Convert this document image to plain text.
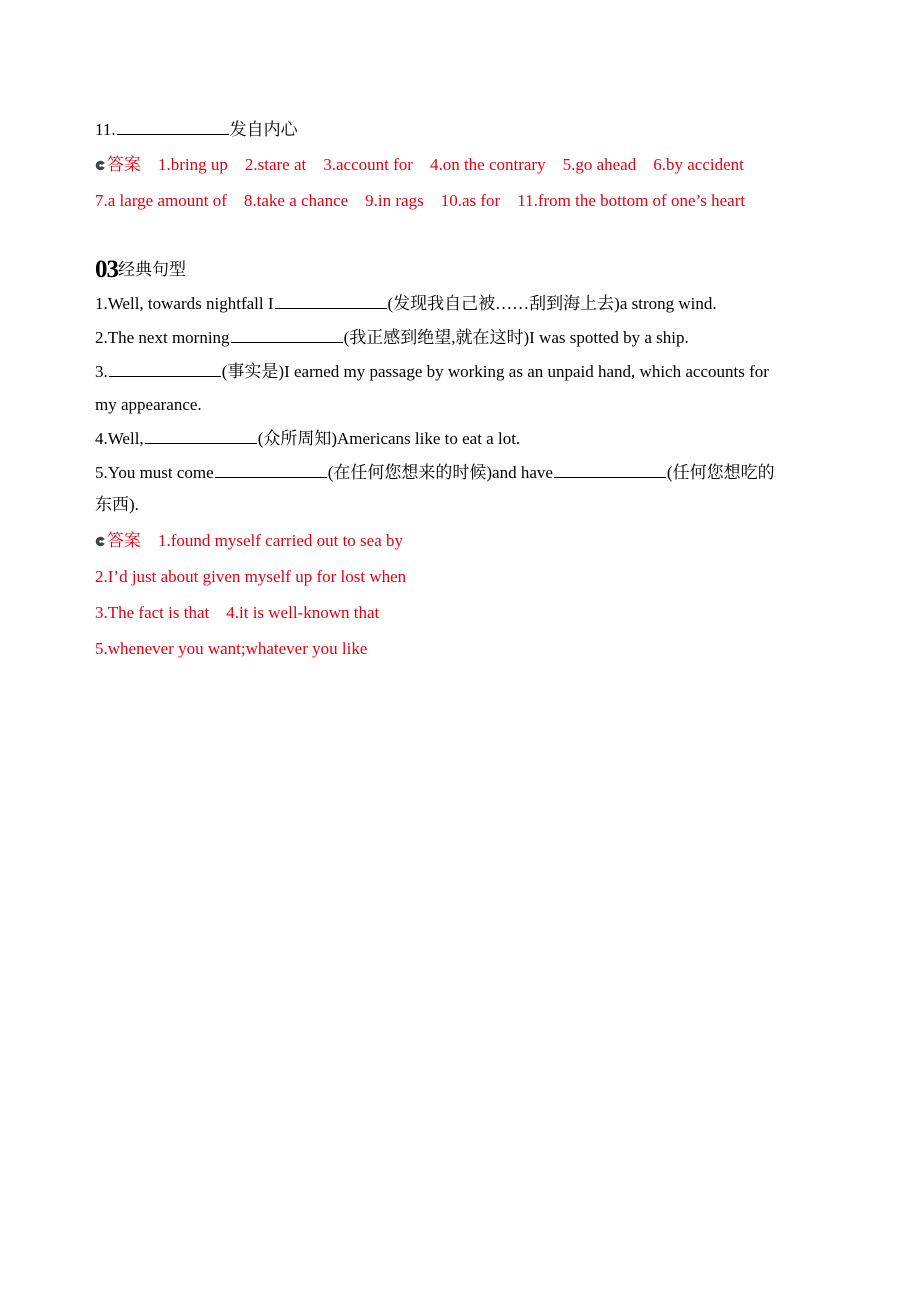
11.	发自内心
答案 1.bring up 2.stare at 3.account for 4.on the contrary 5.go ahead 6.by accident
7.a large amount of 8.take a chance 9.in rags 10.as for 11.from the bottom of one’s heart
03经典句型
1.Well, towards nightfall I	(发现我自己被……刮到海上去)a strong wind.
2.The next morning	(我正感到绝望,就在这时)I was spotted by a ship.
3.	(事实是)I earned my passage by working as an unpaid hand, which accounts for
my appearance.
4.Well,	(众所周知)Americans like to eat a lot.
5.You must come	(在任何您想来的时候)and have	(任何您想吃的
东西).
答案 1.found myself carried out to sea by
2.I’d just about given myself up for lost when
3.The fact is that 4.it is well-known that
5.whenever you want;whatever you like
